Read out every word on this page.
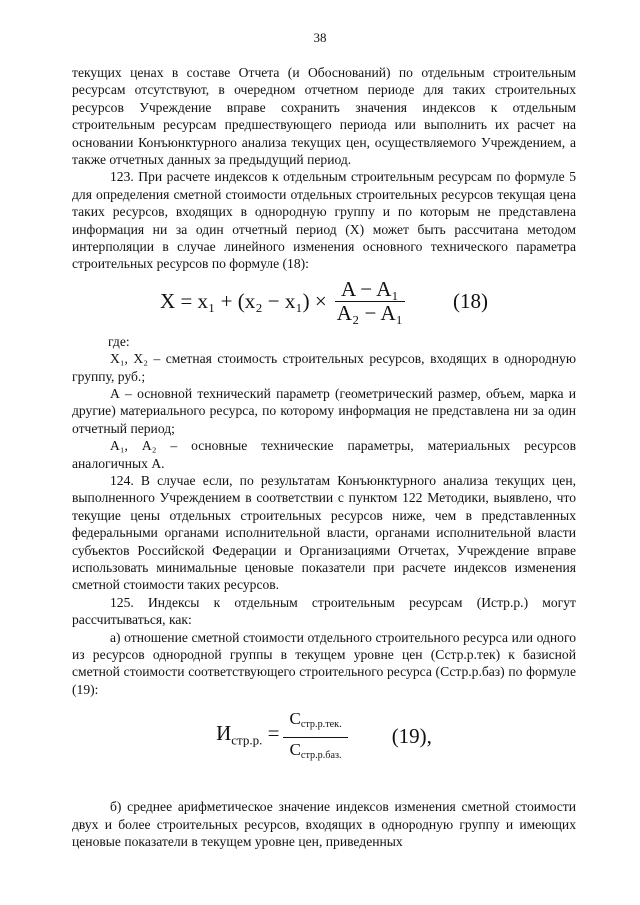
38

текущих ценах в составе Отчета (и Обоснований) по отдельным строительным ресурсам отсутствуют, в очередном отчетном периоде для таких строительных ресурсов Учреждение вправе сохранить значения индексов к отдельным строительным ресурсам предшествующего периода или выполнить их расчет на основании Конъюнктурного анализа текущих цен, осуществляемого Учреждением, а также отчетных данных за предыдущий период.

123. При расчете индексов к отдельным строительным ресурсам по формуле 5 для определения сметной стоимости отдельных строительных ресурсов текущая цена таких ресурсов, входящих в однородную группу и по которым не представлена информация ни за один отчетный период (X) может быть рассчитана методом интерполяции в случае линейного изменения основного технического параметра строительных ресурсов по формуле (18):

$X = x_1 + (x_2 - x_1) \times \frac{\text{A − A₁}}{\text{A₂ − A₁}} (18)$

где:

X₁, X₂ – сметная стоимость строительных ресурсов, входящих в однородную группу, руб.;

А – основной технический параметр (геометрический размер, объем, марка и другие) материального ресурса, по которому информация не представлена ни за один отчетный период;

А₁, А₂ – основные технические параметры, материальных ресурсов аналогичных А.

124. В случае если, по результатам Конъюнктурного анализа текущих цен, выполненного Учреждением в соответствии с пунктом 122 Методики, выявлено, что текущие цены отдельных строительных ресурсов ниже, чем в представленных федеральными органами исполнительной власти, органами исполнительной власти субъектов Российской Федерации и Организациями Отчетах, Учреждение вправе использовать минимальные ценовые показатели при расчете индексов изменения сметной стоимости таких ресурсов.

125. Индексы к отдельным строительным ресурсам (Истр.р.) могут рассчитываться, как:

а) отношение сметной стоимости отдельного строительного ресурса или одного из ресурсов однородной группы в текущем уровне цен (Сстр.р.тек) к базисной сметной стоимости соответствующего строительного ресурса (Сстр.р.баз) по формуле (19):

$И_{стр.р.} = \frac{\text{Сстр.р.тек.}}{\text{Сстр.р.баз.}} (19)$,

б) среднее арифметическое значение индексов изменения сметной стоимости двух и более строительных ресурсов, входящих в однородную группу и имеющих ценовые показатели в текущем уровне цен, приведенных
